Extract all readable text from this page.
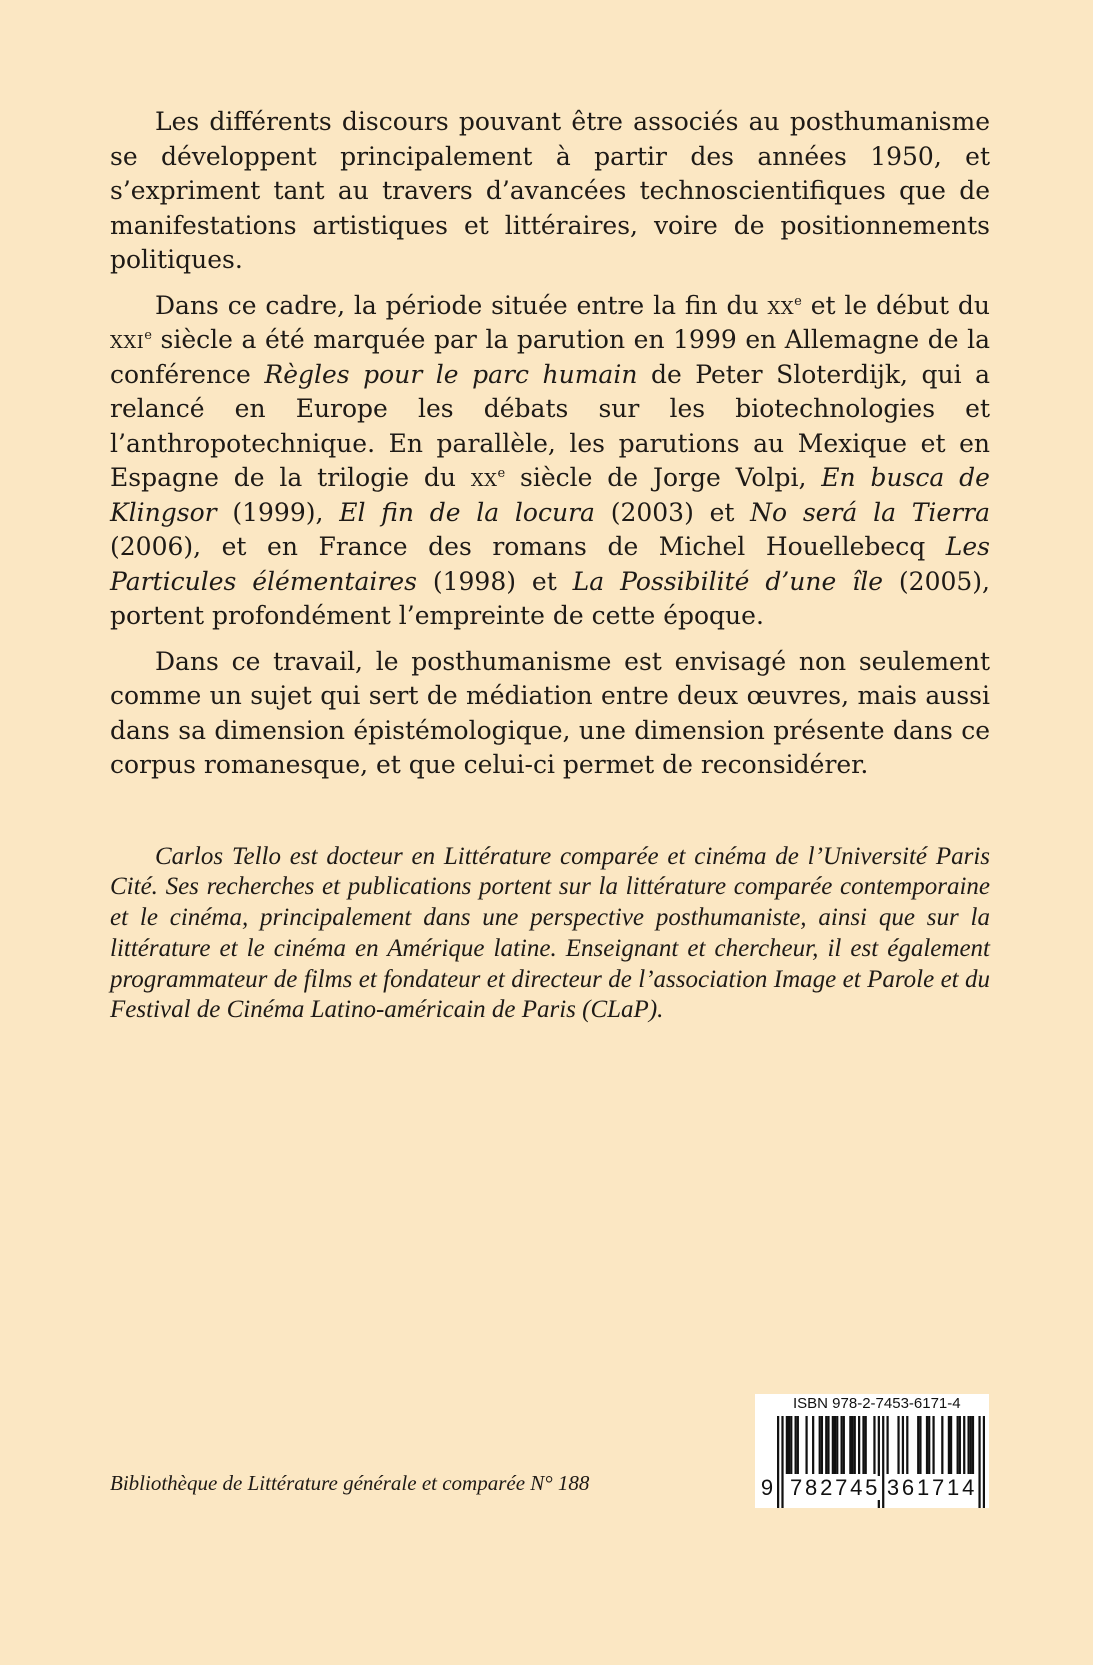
Les différents discours pouvant être associés au posthumanisme se développent principalement à partir des années 1950, et s’expriment tant au travers d’avancées technoscientifiques que de manifestations artistiques et littéraires, voire de positionnements politiques.

Dans ce cadre, la période située entre la fin du $xx^e$ et le début du xxi$^e$ siècle a été marquée par la parution en 1999 en Allemagne de la conférence Règles pour le parc humain de Peter Sloterdijk, qui a relancé en Europe les débats sur les biotechnologies et l’anthropotechnique. En parallèle, les parutions au Mexique et en Espagne de la trilogie du $xx^e$ siècle de Jorge Volpi, En busca de Klingsor (1999), El fin de la locura (2003) et No será la Tierra (2006), et en France des romans de Michel Houellebecq Les Particules élémentaires (1998) et La Possibilité d’une île (2005), portent profondément l’empreinte de cette époque.

Dans ce travail, le posthumanisme est envisagé non seulement comme un sujet qui sert de médiation entre deux œuvres, mais aussi dans sa dimension épistémologique, une dimension présente dans ce corpus romanesque, et que celui-ci permet de reconsidérer.

Carlos Tello est docteur en Littérature comparée et cinéma de l’Université Paris Cité. Ses recherches et publications portent sur la littérature comparée contemporaine et le cinéma, principalement dans une perspective posthumaniste, ainsi que sur la littérature et le cinéma en Amérique latine. Enseignant et chercheur, il est également programmateur de films et fondateur et directeur de l’association Image et Parole et du Festival de Cinéma Latino-américain de Paris (CLaP).

Bibliothèque de Littérature générale et comparée N° 188
ISBN 978-2-7453-6171-4
9 782745 361714
